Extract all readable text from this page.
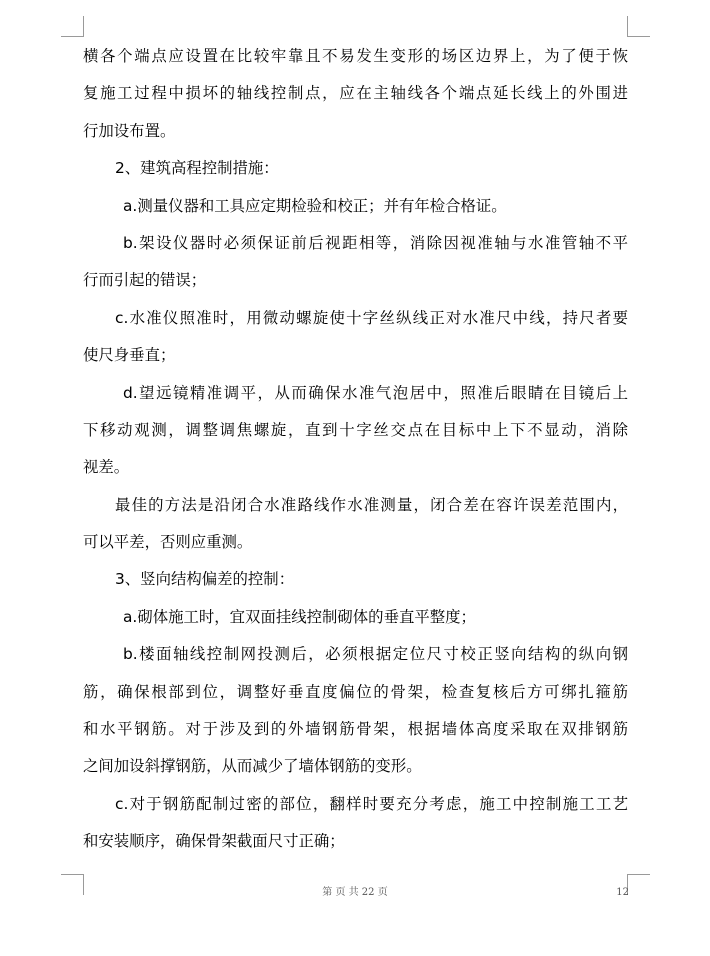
横各个端点应设置在比较牢靠且不易发生变形的场区边界上，为了便于恢
复施工过程中损坏的轴线控制点，应在主轴线各个端点延长线上的外围进
行加设布置。
2、建筑高程控制措施：
a.测量仪器和工具应定期检验和校正；并有年检合格证。
b.架设仪器时必须保证前后视距相等，消除因视准轴与水准管轴不平
行而引起的错误；
c.水准仪照准时，用微动螺旋使十字丝纵线正对水准尺中线，持尺者要
使尺身垂直；
d.望远镜精准调平，从而确保水准气泡居中，照准后眼睛在目镜后上
下移动观测，调整调焦螺旋，直到十字丝交点在目标中上下不显动，消除
视差。
最佳的方法是沿闭合水准路线作水准测量，闭合差在容许误差范围内，
可以平差，否则应重测。
3、竖向结构偏差的控制：
a.砌体施工时，宜双面挂线控制砌体的垂直平整度；
b.楼面轴线控制网投测后，必须根据定位尺寸校正竖向结构的纵向钢
筋，确保根部到位，调整好垂直度偏位的骨架，检查复核后方可绑扎箍筋
和水平钢筋。对于涉及到的外墙钢筋骨架，根据墙体高度采取在双排钢筋
之间加设斜撑钢筋，从而减少了墙体钢筋的变形。
c.对于钢筋配制过密的部位，翻样时要充分考虑，施工中控制施工工艺
和安装顺序，确保骨架截面尺寸正确；
第 页 共 22 页	12
